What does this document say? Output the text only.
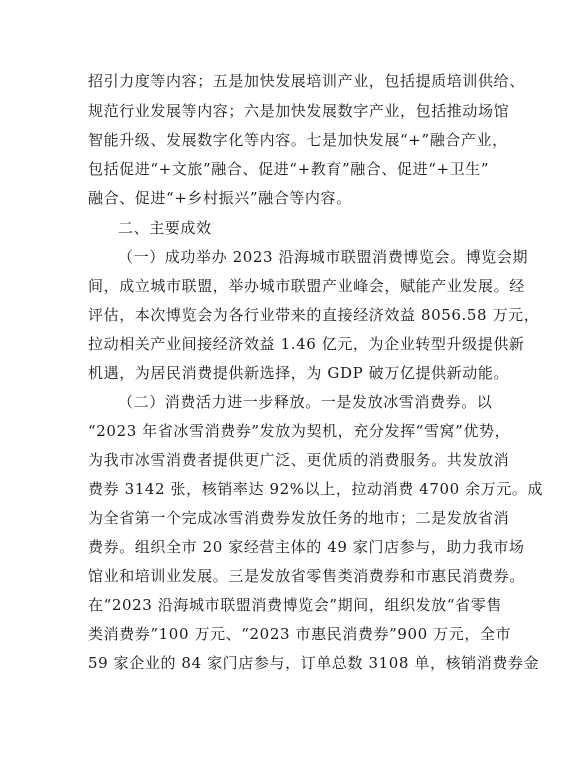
招引力度等内容；五是加快发展培训产业，包括提质培训供给、
规范行业发展等内容；六是加快发展数字产业，包括推动场馆
智能升级、发展数字化等内容。七是加快发展“+”融合产业，
包括促进“+文旅”融合、促进“+教育”融合、促进“+卫生”
融合、促进“+乡村振兴”融合等内容。
二、主要成效
（一）成功举办 2023 沿海城市联盟消费博览会。博览会期
间，成立城市联盟，举办城市联盟产业峰会，赋能产业发展。经
评估，本次博览会为各行业带来的直接经济效益 8056.58 万元，
拉动相关产业间接经济效益 1.46 亿元，为企业转型升级提供新
机遇，为居民消费提供新选择，为 GDP 破万亿提供新动能。
（二）消费活力进一步释放。一是发放冰雪消费券。以
“2023 年省冰雪消费券”发放为契机，充分发挥“雪窝”优势，
为我市冰雪消费者提供更广泛、更优质的消费服务。共发放消
费券 3142 张，核销率达 92%以上，拉动消费 4700 余万元。成
为全省第一个完成冰雪消费券发放任务的地市；二是发放省消
费券。组织全市 20 家经营主体的 49 家门店参与，助力我市场
馆业和培训业发展。三是发放省零售类消费券和市惠民消费券。
在“2023 沿海城市联盟消费博览会”期间，组织发放“省零售
类消费券”100 万元、“2023 市惠民消费券”900 万元，全市
59 家企业的 84 家门店参与，订单总数 3108 单，核销消费券金
